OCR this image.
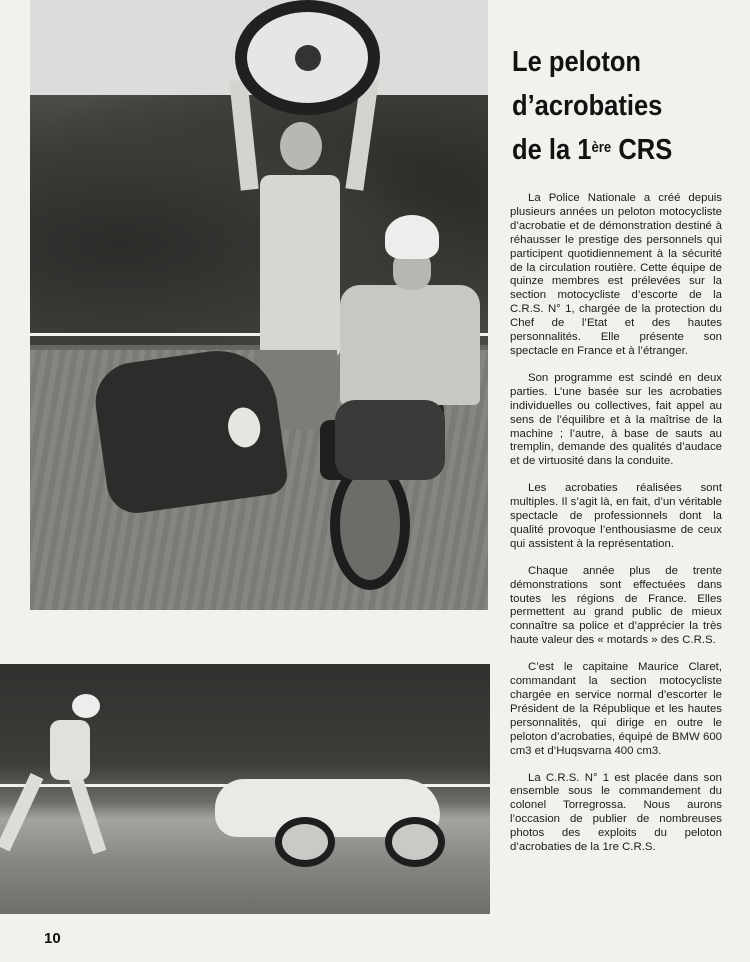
Le peloton
d’acrobaties
de la 1ère CRS

La Police Nationale a créé depuis plusieurs années un peloton motocycliste d’acrobatie et de démonstration destiné à réhausser le prestige des personnels qui participent quotidiennement à la sécurité de la circulation routière. Cette équipe de quinze membres est prélevées sur la section motocycliste d’escorte de la C.R.S. N° 1, chargée de la protection du Chef de l’Etat et des hautes personnalités. Elle présente son spectacle en France et à l’étranger.

Son programme est scindé en deux parties. L’une basée sur les acrobaties individuelles ou collectives, fait appel au sens de l’équilibre et à la maîtrise de la machine ; l’autre, à base de sauts au tremplin, demande des qualités d’audace et de virtuosité dans la conduite.

Les acrobaties réalisées sont multiples. Il s’agit là, en fait, d’un véritable spectacle de professionnels dont la qualité provoque l’enthousiasme de ceux qui assistent à la représentation.

Chaque année plus de trente démonstrations sont effectuées dans toutes les régions de France. Elles permettent au grand public de mieux connaître sa police et d’apprécier la très haute valeur des « motards » des C.R.S.

C’est le capitaine Maurice Claret, commandant la section motocycliste chargée en service normal d’escorter le Président de la République et les hautes personnalités, qui dirige en outre le peloton d’acrobaties, équipé de BMW 600 cm3 et d’Huqsvarna 400 cm3.

La C.R.S. N° 1 est placée dans son ensemble sous le commandement du colonel Torregrossa. Nous aurons l’occasion de publier de nombreuses photos des exploits du peloton d’acrobaties de la 1re C.R.S.

10
